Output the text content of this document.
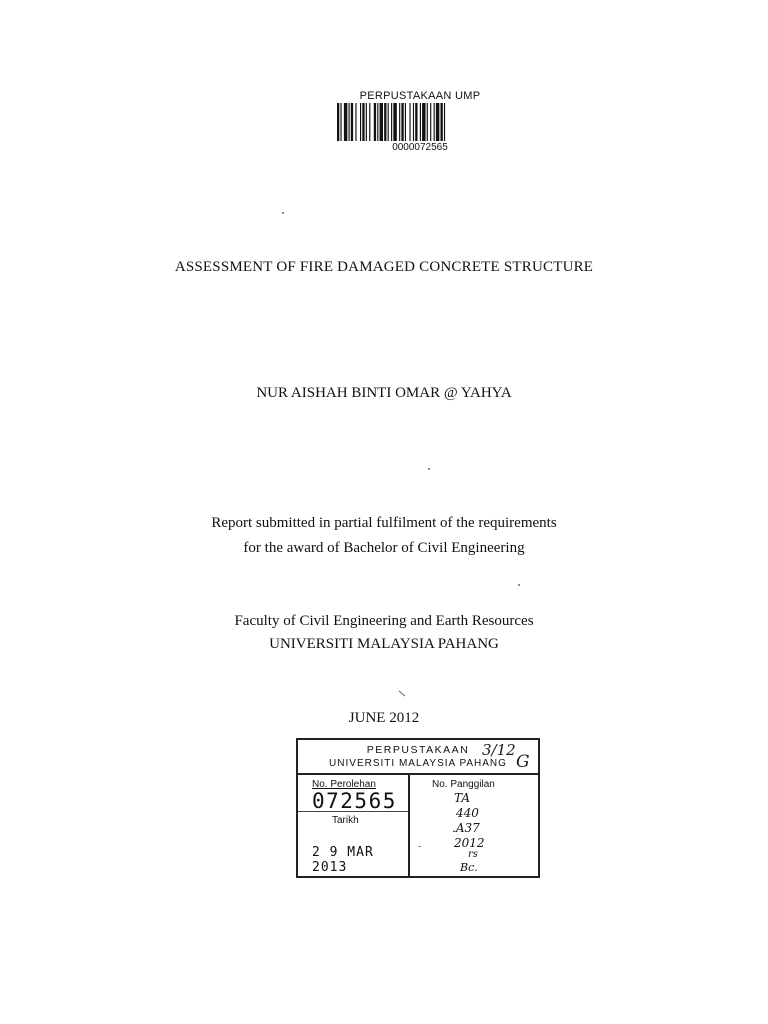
PERPUSTAKAAN UMP
0000072565
ASSESSMENT OF FIRE DAMAGED CONCRETE STRUCTURE
NUR AISHAH BINTI OMAR @ YAHYA
Report submitted in partial fulfilment of the requirements
for the award of Bachelor of Civil Engineering
Faculty of Civil Engineering and Earth Resources
UNIVERSITI MALAYSIA PAHANG
JUNE 2012
PERPUSTAKAAN
UNIVERSITI MALAYSIA PAHANG
3/12
G
No. Perolehan
072565
Tarikh
2 9 MAR 2013
No. Panggilan
TA
440
.A37
2012
rs
Bc.
